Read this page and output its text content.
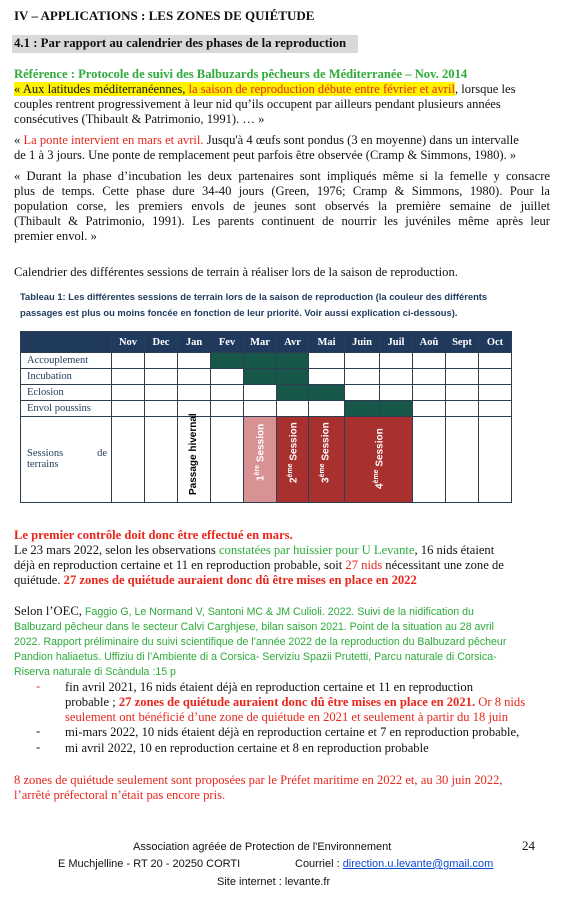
IV – APPLICATIONS : LES ZONES DE QUIÉTUDE
4.1 : Par rapport au calendrier des phases de la reproduction
Référence : Protocole de suivi des Balbuzards pêcheurs de Méditerranée – Nov. 2014
« Aux latitudes méditerranéennes, la saison de reproduction débute entre février et avril, lorsque les
couples rentrent progressivement à leur nid qu’ils occupent par ailleurs pendant plusieurs années
consécutives (Thibault & Patrimonio, 1991). … »
« La ponte intervient en mars et avril. Jusqu'à 4 œufs sont pondus (3 en moyenne) dans un intervalle
de 1 à 3 jours. Une ponte de remplacement peut parfois être observée (Cramp & Simmons, 1980). »
« Durant la phase d’incubation les deux partenaires sont impliqués même si la femelle y consacre
plus de temps. Cette phase dure 34-40 jours (Green, 1976; Cramp & Simmons, 1980). Pour la
population corse, les premiers envols de jeunes sont observés la première semaine de juillet
(Thibault & Patrimonio, 1991). Les parents continuent de nourrir les juvéniles même après leur
premier envol. »
Calendrier des différentes sessions de terrain à réaliser lors de la saison de reproduction.
Tableau 1: Les différentes sessions de terrain lors de la saison de reproduction (la couleur des différents
passages est plus ou moins foncée en fonction de leur priorité. Voir aussi explication ci-dessous).
	Nov	Dec	Jan	Fev	Mar	Avr	Mai	Juin	Juil	Aoû	Sept	Oct
Accouplement												
Incubation												
Eclosion												
Envol poussins												

Sessions de

terrains			Passage hivernal		1ère Session	2ème Session	3ème Session	4ème Session				

Le premier contrôle doit donc être effectué en mars.
Le 23 mars 2022, selon les observations constatées par huissier pour U Levante, 16 nids étaient
déjà en reproduction certaine et 11 en reproduction probable, soit 27 nids nécessitant une zone de
quiétude. 27 zones de quiétude auraient donc dû être mises en place en 2022
Selon l’OEC, Faggio G, Le Normand V, Santoni MC & JM Culioli. 2022. Suivi de la nidification du
Balbuzard pêcheur dans le secteur Calvi Carghjese, bilan saison 2021. Point de la situation au 28 avril
2022. Rapport préliminaire du suivi scientifique de l’année 2022 de la reproduction du Balbuzard pêcheur
Pandion haliaetus. Uffiziu di l’Ambiente di a Corsica- Serviziu Spazii Prutetti, Parcu naturale di Corsica-
Riserva naturale di Scàndula :15 p
- fin avril 2021, 16 nids étaient déjà en reproduction certaine et 11 en reproduction
probable ; 27 zones de quiétude auraient donc dû être mises en place en 2021. Or 8 nids
seulement ont bénéficié d’une zone de quiétude en 2021 et seulement à partir du 18 juin
- mi-mars 2022, 10 nids étaient déjà en reproduction certaine et 7 en reproduction probable,
- mi avril 2022, 10 en reproduction certaine et 8 en reproduction probable
8 zones de quiétude seulement sont proposées par le Préfet maritime en 2022 et, au 30 juin 2022,
l’arrêté préfectoral n’était pas encore pris.
Association agréée de Protection de l'Environnement	24
E Muchjelline - RT 20 - 20250 CORTI	Courriel : direction.u.levante@gmail.com
Site internet : levante.fr
